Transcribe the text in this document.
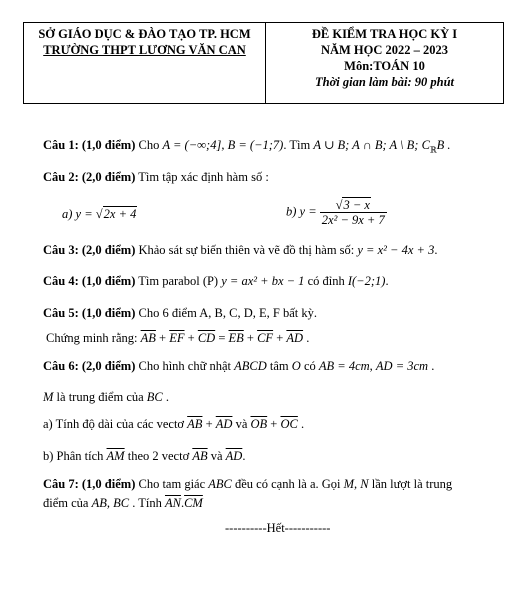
SỞ GIÁO DỤC & ĐÀO TẠO TP. HCM
TRƯỜNG THPT LƯƠNG VĂN CAN
ĐỀ KIỂM TRA HỌC KỲ I
NĂM HỌC 2022 – 2023
Môn:TOÁN 10
Thời gian làm bài: 90 phút
Câu 1: (1,0 điểm) Cho A = (−∞;4], B = (−1;7). Tìm A ∪ B; A ∩ B; A \ B; $C_ℝB$ .
Câu 2: (2,0 điểm) Tìm tập xác định hàm số :
a) y = √2x + 4	b) $y = \frac{√3 - x}{\text{2x² − 9x + 7}}$
Câu 3: (2,0 điểm) Khảo sát sự biến thiên và vẽ đồ thị hàm số: y = x² − 4x + 3.
Câu 4: (1,0 điểm) Tìm parabol (P) y = ax² + bx − 1 có đỉnh I(−2;1).
Câu 5: (1,0 điểm) Cho 6 điểm A, B, C, D, E, F bất kỳ.
Chứng minh rằng: $\overline{AB} + \overline{EF} + \overline{CD} = \overline{EB} + \overline{CF} + \overline{AD}$ .
Câu 6: (2,0 điểm) Cho hình chữ nhật ABCD tâm O có AB = 4cm, AD = 3cm .
M là trung điểm của BC .
a) Tính độ dài của các vectơ $\overline{AB} + \overline{AD}$ và $\overline{OB} + \overline{OC}$ .
b) Phân tích $\overline{AM}$ theo 2 vectơ $\overline{AB}$ và $\overline{AD}$.
Câu 7: (1,0 điểm) Cho tam giác ABC đều có cạnh là a. Gọi M, N lần lượt là trung
điểm của AB, BC . Tính $\overline{AN}.\overline{CM}$
----------Hết-----------
